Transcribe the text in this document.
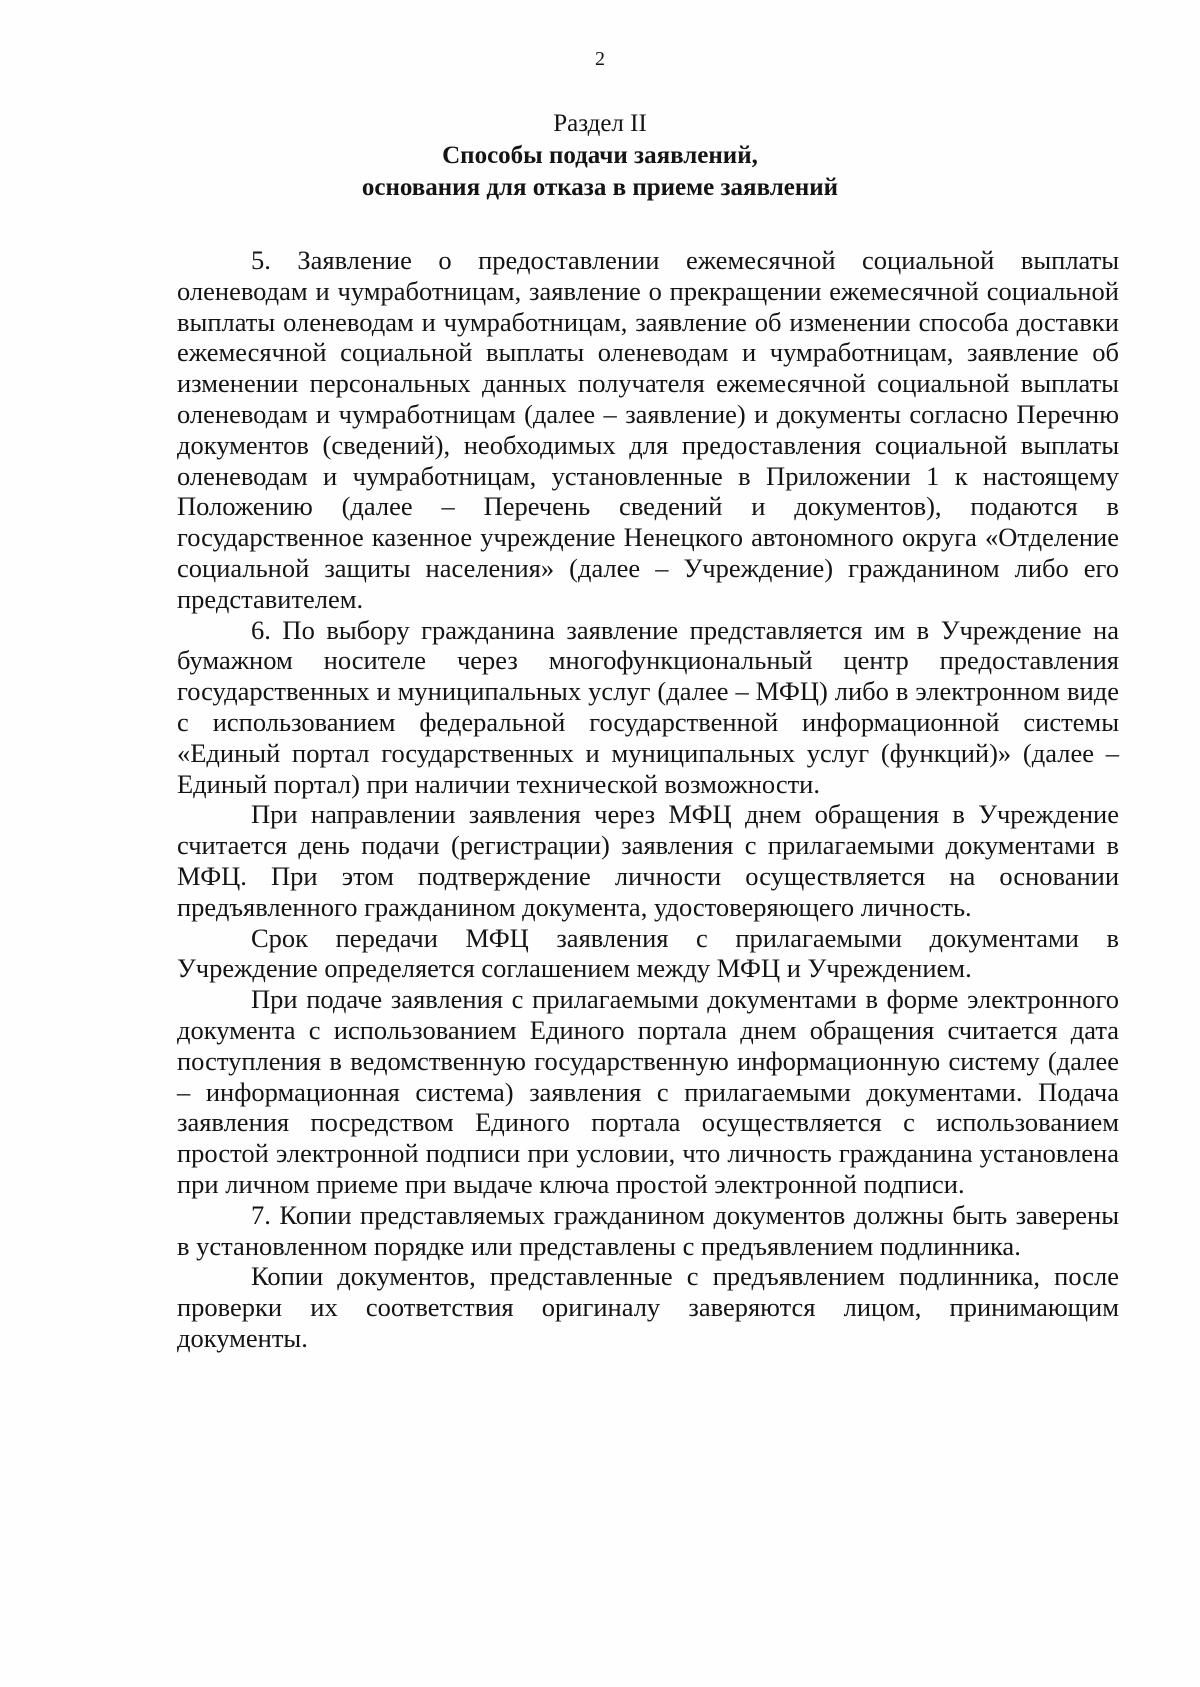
2
Раздел II
Способы подачи заявлений,
основания для отказа в приеме заявлений

5. Заявление о предоставлении ежемесячной социальной выплаты оленеводам и чумработницам, заявление о прекращении ежемесячной социальной выплаты оленеводам и чумработницам, заявление об изменении способа доставки ежемесячной социальной выплаты оленеводам и чумработницам, заявление об изменении персональных данных получателя ежемесячной социальной выплаты оленеводам и чумработницам (далее – заявление) и документы согласно Перечню документов (сведений), необходимых для предоставления социальной выплаты оленеводам и чумработницам, установленные в Приложении 1 к настоящему Положению (далее – Перечень сведений и документов), подаются в государственное казенное учреждение Ненецкого автономного округа «Отделение социальной защиты населения» (далее – Учреждение) гражданином либо его представителем.

6. По выбору гражданина заявление представляется им в Учреждение на бумажном носителе через многофункциональный центр предоставления государственных и муниципальных услуг (далее – МФЦ) либо в электронном виде с использованием федеральной государственной информационной системы «Единый портал государственных и муниципальных услуг (функций)» (далее – Единый портал) при наличии технической возможности.

При направлении заявления через МФЦ днем обращения в Учреждение считается день подачи (регистрации) заявления с прилагаемыми документами в МФЦ. При этом подтверждение личности осуществляется на основании предъявленного гражданином документа, удостоверяющего личность.

Срок передачи МФЦ заявления с прилагаемыми документами в Учреждение определяется соглашением между МФЦ и Учреждением.

При подаче заявления с прилагаемыми документами в форме электронного документа с использованием Единого портала днем обращения считается дата поступления в ведомственную государственную информационную систему (далее – информационная система) заявления с прилагаемыми документами. Подача заявления посредством Единого портала осуществляется с использованием простой электронной подписи при условии, что личность гражданина установлена при личном приеме при выдаче ключа простой электронной подписи.

7. Копии представляемых гражданином документов должны быть заверены в установленном порядке или представлены с предъявлением подлинника.

Копии документов, представленные с предъявлением подлинника, после проверки их соответствия оригиналу заверяются лицом, принимающим документы.
